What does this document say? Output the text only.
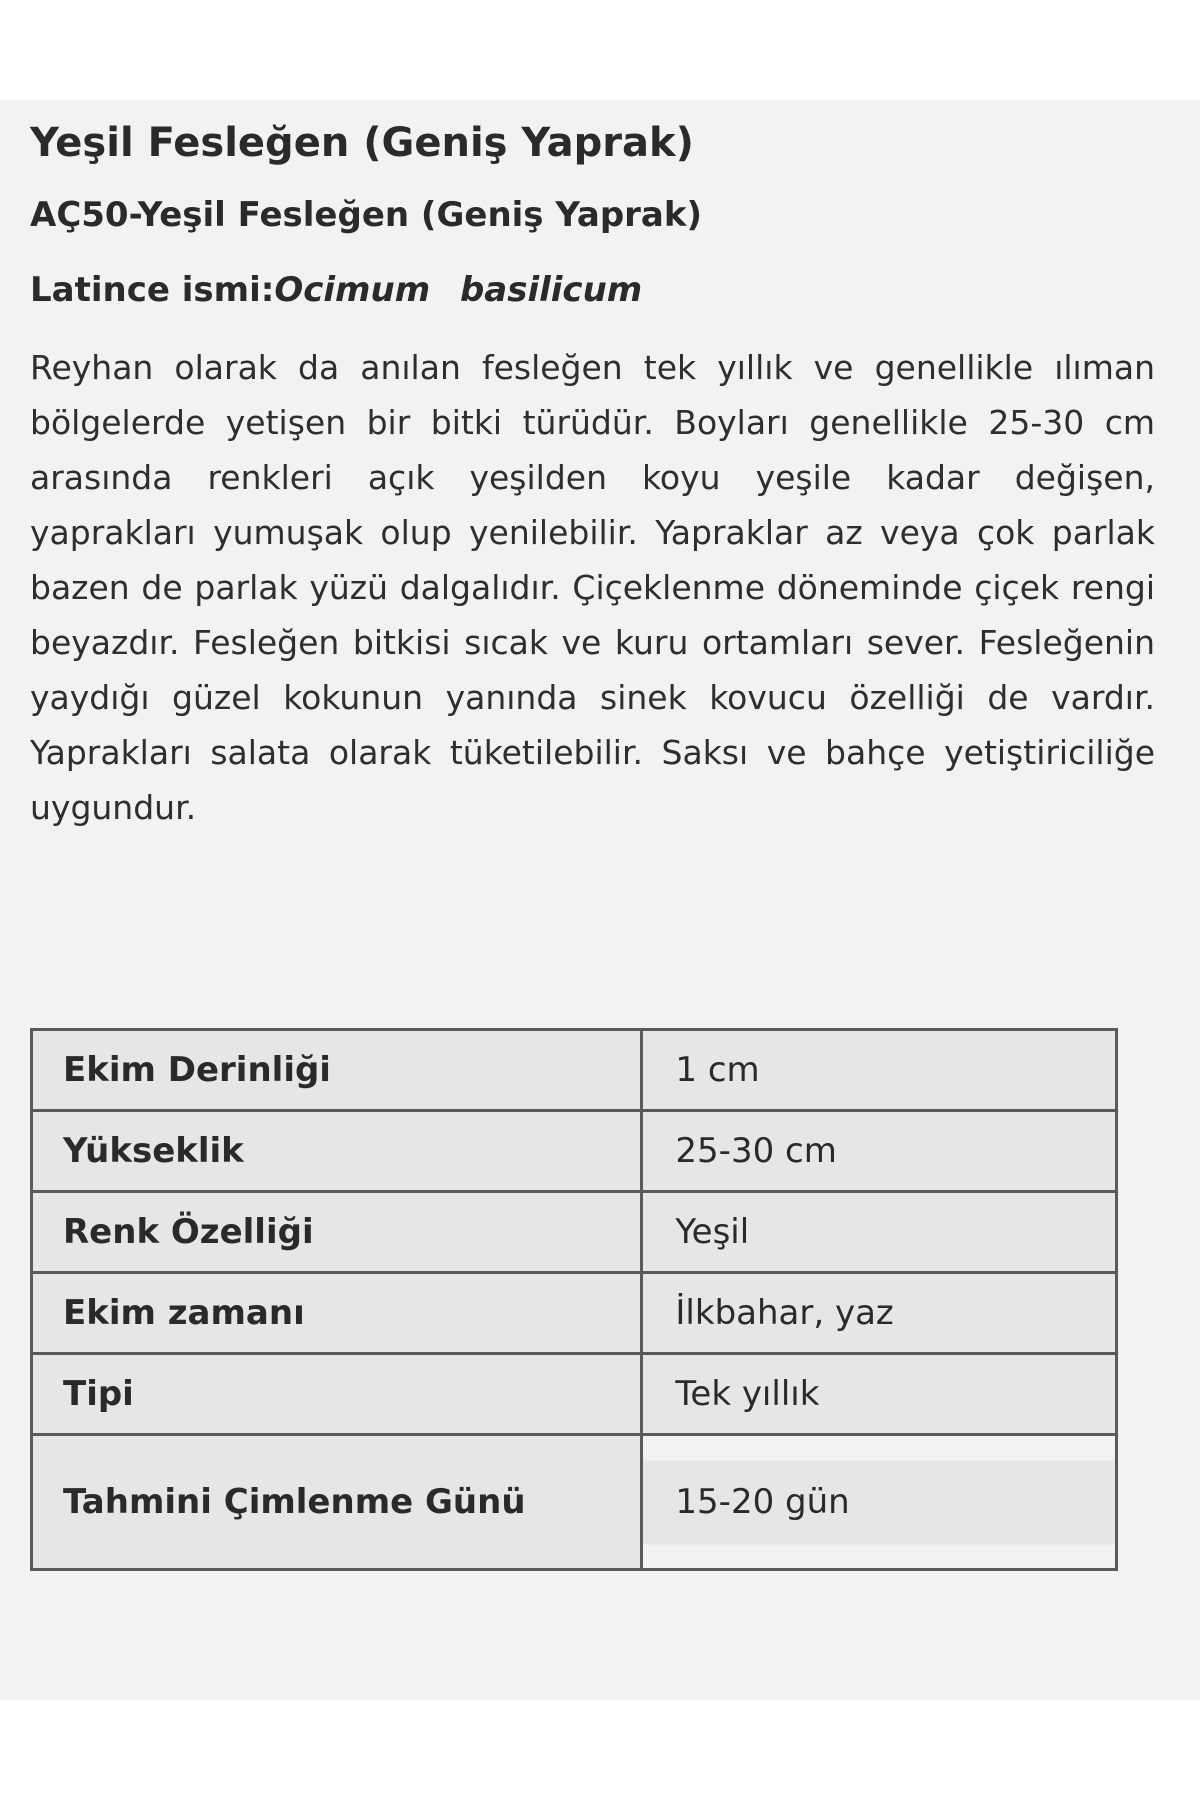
Yeşil Fesleğen (Geniş Yaprak)
AÇ50-Yeşil Fesleğen (Geniş Yaprak)

Latince ismi:Ocimum basilicum

Reyhan olarak da anılan fesleğen tek yıllık ve genellikle ılıman bölgelerde yetişen bir bitki türüdür. Boyları genellikle 25-30 cm arasında renkleri açık yeşilden koyu yeşile kadar değişen, yaprakları yumuşak olup yenilebilir. Yapraklar az veya çok parlak bazen de parlak yüzü dalgalıdır. Çiçeklenme döneminde çiçek rengi beyazdır. Fesleğen bitkisi sıcak ve kuru ortamları sever. Fesleğenin yaydığı güzel kokunun yanında sinek kovucu özelliği de vardır. Yaprakları salata olarak tüketilebilir. Saksı ve bahçe yetiştiriciliğe uygundur.

Ekim Derinliği	1 cm
Yükseklik	25-30 cm
Renk Özelliği	Yeşil
Ekim zamanı	İlkbahar, yaz
Tipi	Tek yıllık
Tahmini Çimlenme Günü	15-20 gün
